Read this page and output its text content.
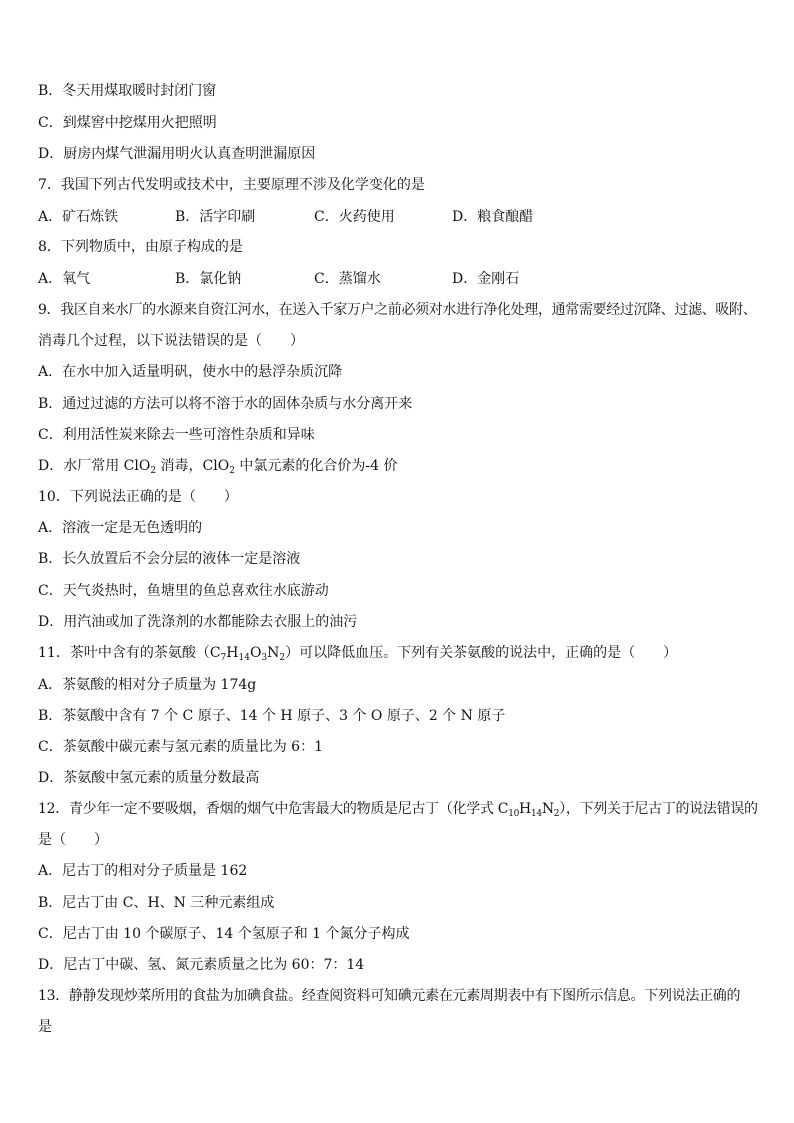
B．冬天用煤取暖时封闭门窗
C．到煤窖中挖煤用火把照明
D．厨房内煤气泄漏用明火认真查明泄漏原因
7．我国下列古代发明或技术中，主要原理不涉及化学变化的是
A．矿石炼铁	B．活字印刷	C．火药使用	D．粮食酿醋
8．下列物质中，由原子构成的是
A．氧气	B．氯化钠	C．蒸馏水	D．金刚石
9．我区自来水厂的水源来自资江河水，在送入千家万户之前必须对水进行净化处理，通常需要经过沉降、过滤、吸附、
消毒几个过程，以下说法错误的是（　　）
A．在水中加入适量明矾，使水中的悬浮杂质沉降
B．通过过滤的方法可以将不溶于水的固体杂质与水分离开来
C．利用活性炭来除去一些可溶性杂质和异味
D．水厂常用 ClO$_2$ 消毒，ClO$_2$ 中氯元素的化合价为-4 价
10．下列说法正确的是（　　）
A．溶液一定是无色透明的
B．长久放置后不会分层的液体一定是溶液
C．天气炎热时，鱼塘里的鱼总喜欢往水底游动
D．用汽油或加了洗涤剂的水都能除去衣服上的油污
11．茶叶中含有的茶氨酸$(C_7H_{14}O_3N_2)$可以降低血压。下列有关茶氨酸的说法中，正确的是（　　）
A．茶氨酸的相对分子质量为 174g
B．茶氨酸中含有 7 个 C 原子、14 个 H 原子、3 个 O 原子、2 个 N 原子
C．茶氨酸中碳元素与氢元素的质量比为 6：1
D．茶氨酸中氢元素的质量分数最高
12．青少年一定不要吸烟，香烟的烟气中危害最大的物质是尼古丁（化学式 $C_{10}H_{14}N_2$），下列关于尼古丁的说法错误的
是（　　）
A．尼古丁的相对分子质量是 162
B．尼古丁由 C、H、N 三种元素组成
C．尼古丁由 10 个碳原子、14 个氢原子和 1 个氮分子构成
D．尼古丁中碳、氢、氮元素质量之比为 60：7：14
13．静静发现炒菜所用的食盐为加碘食盐。经查阅资料可知碘元素在元素周期表中有下图所示信息。下列说法正确的
是
